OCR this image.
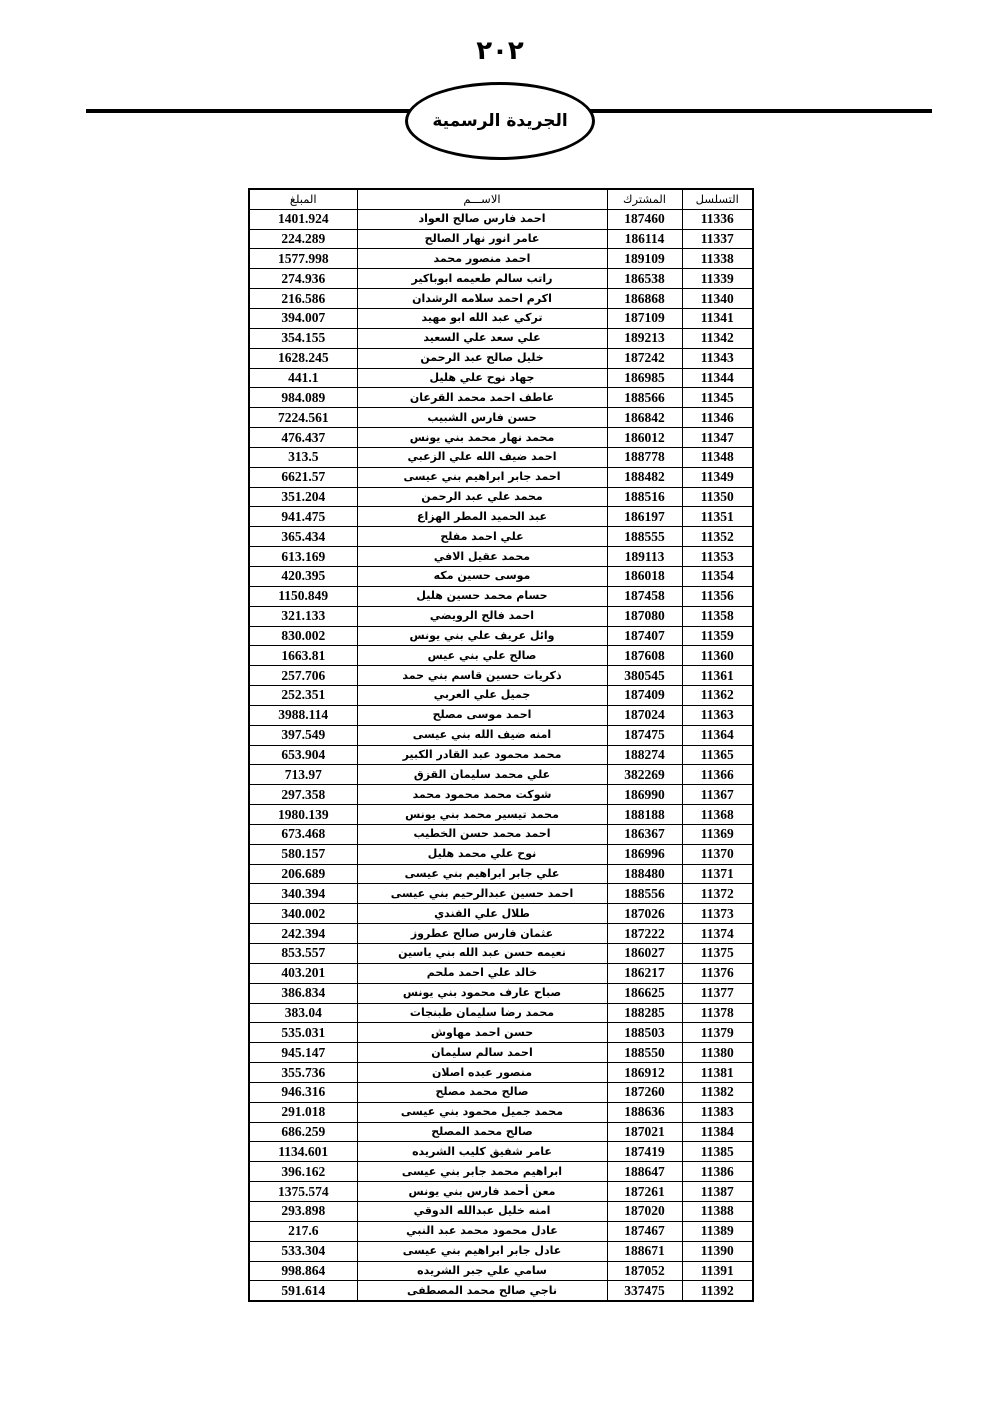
٢٠٢
الجريدة الرسمية
التسلسل	المشترك	الاســـم	المبلغ
11336	187460	احمد فارس صالح العواد	1401.924
11337	186114	عامر انور نهار الصالح	224.289
11338	189109	احمد منصور محمد	1577.998
11339	186538	راتب سالم طعيمه ابوباكير	274.936
11340	186868	اكرم احمد سلامه الرشدان	216.586
11341	187109	تركي عبد الله ابو مهيد	394.007
11342	189213	علي سعد علي السعيد	354.155
11343	187242	خليل صالح عبد الرحمن	1628.245
11344	186985	جهاد نوح علي هليل	441.1
11345	188566	عاطف احمد محمد القرعان	984.089
11346	186842	حسن فارس الشبيب	7224.561
11347	186012	محمد نهار محمد بني يونس	476.437
11348	188778	احمد ضيف الله علي الزعبي	313.5
11349	188482	احمد جابر ابراهيم بني عيسى	6621.57
11350	188516	محمد علي عبد الرحمن	351.204
11351	186197	عبد الحميد المطر الهزاع	941.475
11352	188555	علي احمد مفلح	365.434
11353	189113	محمد عقيل الافي	613.169
11354	186018	موسى حسين مكه	420.395
11356	187458	حسام محمد حسين هليل	1150.849
11358	187080	احمد فالح الرويضي	321.133
11359	187407	وائل عريف علي بني يونس	830.002
11360	187608	صالح علي بني عيس	1663.81
11361	380545	ذكريات حسين قاسم بني حمد	257.706
11362	187409	جميل علي العربي	252.351
11363	187024	احمد موسى مصلح	3988.114
11364	187475	امنه ضيف الله بني عيسى	397.549
11365	188274	محمد محمود عبد القادر الكبير	653.904
11366	382269	علي محمد سليمان القزق	713.97
11367	186990	شوكت محمد محمود محمد	297.358
11368	188188	محمد تيسير محمد بني يونس	1980.139
11369	186367	احمد محمد حسن الخطيب	673.468
11370	186996	نوح علي محمد هليل	580.157
11371	188480	علي جابر ابراهيم بني عيسى	206.689
11372	188556	احمد حسين عبدالرحيم بني عيسى	340.394
11373	187026	طلال علي الفندي	340.002
11374	187222	عثمان فارس صالح عطروز	242.394
11375	186027	نعيمه حسن عبد الله بني ياسين	853.557
11376	186217	خالد علي احمد ملحم	403.201
11377	186625	صباح عارف محمود بني يونس	386.834
11378	188285	محمد رضا سليمان طبنجات	383.04
11379	188503	حسن احمد مهاوش	535.031
11380	188550	احمد سالم سليمان	945.147
11381	186912	منصور عبده اصلان	355.736
11382	187260	صالح محمد مصلح	946.316
11383	188636	محمد جميل محمود بني عيسى	291.018
11384	187021	صالح محمد المصلح	686.259
11385	187419	عامر شفيق كليب الشريده	1134.601
11386	188647	ابراهيم محمد جابر بني عيسى	396.162
11387	187261	معن أحمد فارس بني يونس	1375.574
11388	187020	امنه خليل عبدالله الدوقي	293.898
11389	187467	عادل محمود محمد عبد النبي	217.6
11390	188671	عادل جابر ابراهيم بني عيسى	533.304
11391	187052	سامي علي جبر الشريده	998.864
11392	337475	ناجي صالح محمد المصطفى	591.614
